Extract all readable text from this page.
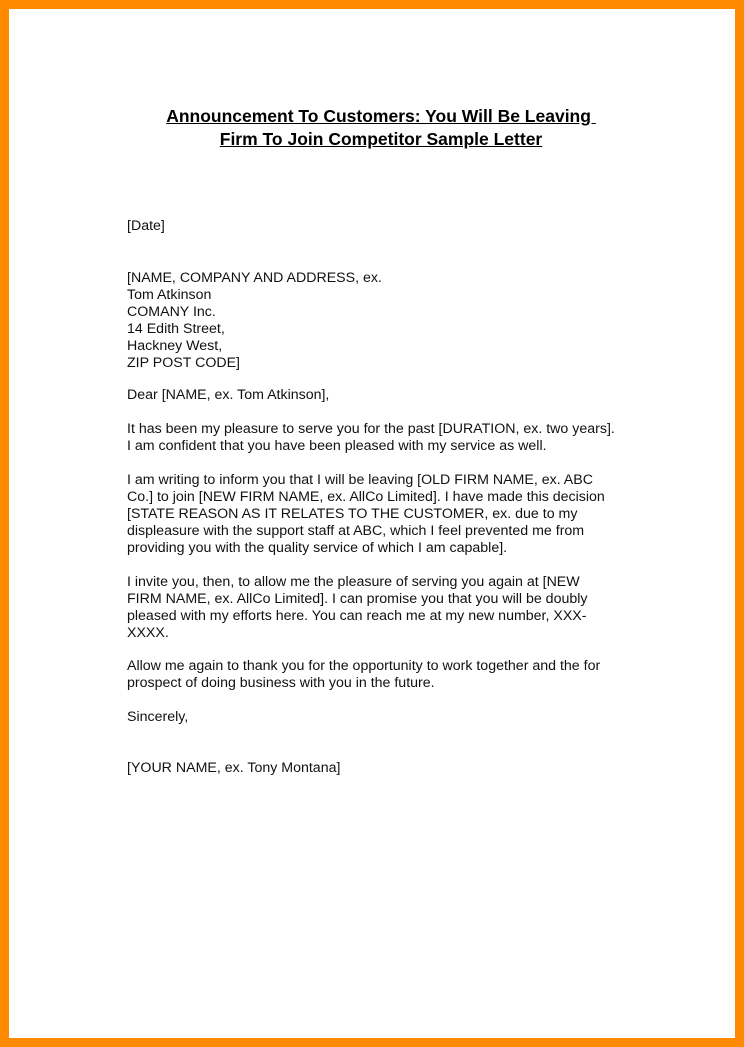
Announcement To Customers: You Will Be Leaving
Firm To Join Competitor Sample Letter
[Date]
[NAME, COMPANY AND ADDRESS, ex.
Tom Atkinson
COMANY Inc.
14 Edith Street,
Hackney West,
ZIP POST CODE]
Dear [NAME, ex. Tom Atkinson],
It has been my pleasure to serve you for the past [DURATION, ex. two years].
I am confident that you have been pleased with my service as well.
I am writing to inform you that I will be leaving [OLD FIRM NAME, ex. ABC
Co.] to join [NEW FIRM NAME, ex. AllCo Limited]. I have made this decision
[STATE REASON AS IT RELATES TO THE CUSTOMER, ex. due to my
displeasure with the support staff at ABC, which I feel prevented me from
providing you with the quality service of which I am capable].
I invite you, then, to allow me the pleasure of serving you again at [NEW
FIRM NAME, ex. AllCo Limited]. I can promise you that you will be doubly
pleased with my efforts here. You can reach me at my new number, XXX-
XXXX.
Allow me again to thank you for the opportunity to work together and the for
prospect of doing business with you in the future.
Sincerely,
[YOUR NAME, ex. Tony Montana]
